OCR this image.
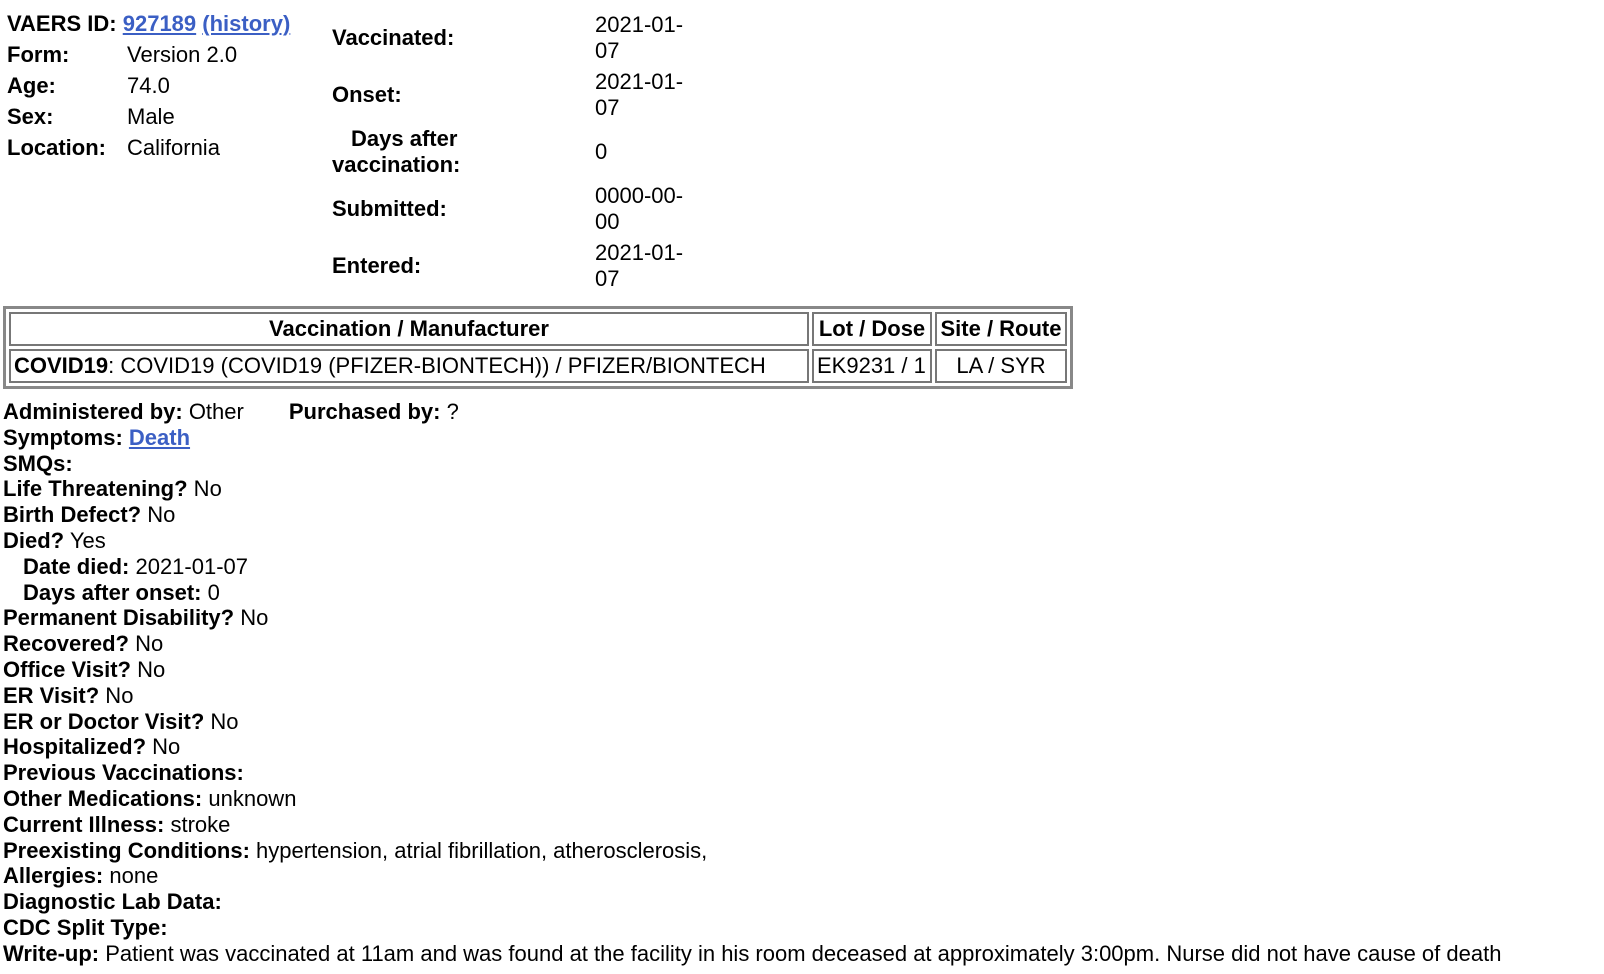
VAERS ID: 927189 (history)
Form:	Version 2.0
Age:	74.0
Sex:	Male
Location: California
Vaccinated:
2021-01-
07
Onset:
2021-01-
07
Days after
vaccination:
0
Submitted:
0000-00-
00
Entered:
2021-01-
07
Vaccination / Manufacturer	Lot / Dose	Site / Route
COVID19: COVID19 (COVID19 (PFIZER-BIONTECH)) / PFIZER/BIONTECH	EK9231 / 1	LA / SYR
Administered by: Other Purchased by: ?
Symptoms: Death
SMQs:
Life Threatening? No
Birth Defect? No
Died? Yes
Date died: 2021-01-07
Days after onset: 0
Permanent Disability? No
Recovered? No
Office Visit? No
ER Visit? No
ER or Doctor Visit? No
Hospitalized? No
Previous Vaccinations:
Other Medications: unknown
Current Illness: stroke
Preexisting Conditions: hypertension, atrial fibrillation, atherosclerosis,
Allergies: none
Diagnostic Lab Data:
CDC Split Type:
Write-up: Patient was vaccinated at 11am and was found at the facility in his room deceased at approximately 3:00pm. Nurse did not have cause of death
